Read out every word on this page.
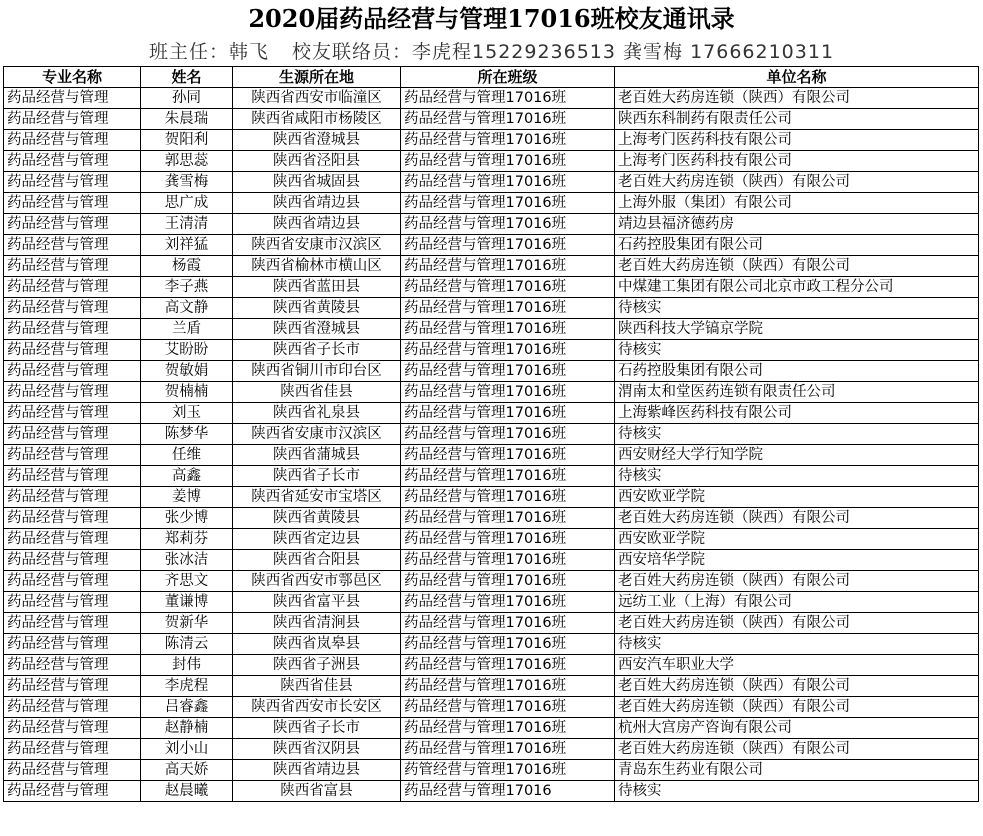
2020届药品经营与管理17016班校友通讯录
班主任：韩飞 校友联络员：李虎程15229236513 龚雪梅 17666210311
专业名称	姓名	生源所在地	所在班级	单位名称
药品经营与管理	孙同	陕西省西安市临潼区	药品经营与管理17016班	老百姓大药房连锁（陕西）有限公司
药品经营与管理	朱晨瑞	陕西省咸阳市杨陵区	药品经营与管理17016班	陕西东科制药有限责任公司
药品经营与管理	贺阳利	陕西省澄城县	药品经营与管理17016班	上海考门医药科技有限公司
药品经营与管理	郭思蕊	陕西省泾阳县	药品经营与管理17016班	上海考门医药科技有限公司
药品经营与管理	龚雪梅	陕西省城固县	药品经营与管理17016班	老百姓大药房连锁（陕西）有限公司
药品经营与管理	思广成	陕西省靖边县	药品经营与管理17016班	上海外服（集团）有限公司
药品经营与管理	王清清	陕西省靖边县	药品经营与管理17016班	靖边县福济德药房
药品经营与管理	刘祥猛	陕西省安康市汉滨区	药品经营与管理17016班	石药控股集团有限公司
药品经营与管理	杨霞	陕西省榆林市横山区	药品经营与管理17016班	老百姓大药房连锁（陕西）有限公司
药品经营与管理	李子燕	陕西省蓝田县	药品经营与管理17016班	中煤建工集团有限公司北京市政工程分公司
药品经营与管理	高文静	陕西省黄陵县	药品经营与管理17016班	待核实
药品经营与管理	兰盾	陕西省澄城县	药品经营与管理17016班	陕西科技大学镐京学院
药品经营与管理	艾盼盼	陕西省子长市	药品经营与管理17016班	待核实
药品经营与管理	贺敏娟	陕西省铜川市印台区	药品经营与管理17016班	石药控股集团有限公司
药品经营与管理	贺楠楠	陕西省佳县	药品经营与管理17016班	渭南太和堂医药连锁有限责任公司
药品经营与管理	刘玉	陕西省礼泉县	药品经营与管理17016班	上海紫峰医药科技有限公司
药品经营与管理	陈梦华	陕西省安康市汉滨区	药品经营与管理17016班	待核实
药品经营与管理	任维	陕西省蒲城县	药品经营与管理17016班	西安财经大学行知学院
药品经营与管理	高鑫	陕西省子长市	药品经营与管理17016班	待核实
药品经营与管理	姜博	陕西省延安市宝塔区	药品经营与管理17016班	西安欧亚学院
药品经营与管理	张少博	陕西省黄陵县	药品经营与管理17016班	老百姓大药房连锁（陕西）有限公司
药品经营与管理	郑莉芬	陕西省定边县	药品经营与管理17016班	西安欧亚学院
药品经营与管理	张冰洁	陕西省合阳县	药品经营与管理17016班	西安培华学院
药品经营与管理	齐思文	陕西省西安市鄠邑区	药品经营与管理17016班	老百姓大药房连锁（陕西）有限公司
药品经营与管理	董谦博	陕西省富平县	药品经营与管理17016班	远纺工业（上海）有限公司
药品经营与管理	贺新华	陕西省清涧县	药品经营与管理17016班	老百姓大药房连锁（陕西）有限公司
药品经营与管理	陈清云	陕西省岚皋县	药品经营与管理17016班	待核实
药品经营与管理	封伟	陕西省子洲县	药品经营与管理17016班	西安汽车职业大学
药品经营与管理	李虎程	陕西省佳县	药品经营与管理17016班	老百姓大药房连锁（陕西）有限公司
药品经营与管理	吕睿鑫	陕西省西安市长安区	药品经营与管理17016班	老百姓大药房连锁（陕西）有限公司
药品经营与管理	赵静楠	陕西省子长市	药品经营与管理17016班	杭州大宫房产咨询有限公司
药品经营与管理	刘小山	陕西省汉阴县	药品经营与管理17016班	老百姓大药房连锁（陕西）有限公司
药品经营与管理	高天娇	陕西省靖边县	药管经营与管理17016班	青岛东生药业有限公司
药品经营与管理	赵晨曦	陕西省富县	药品经营与管理17016	待核实
